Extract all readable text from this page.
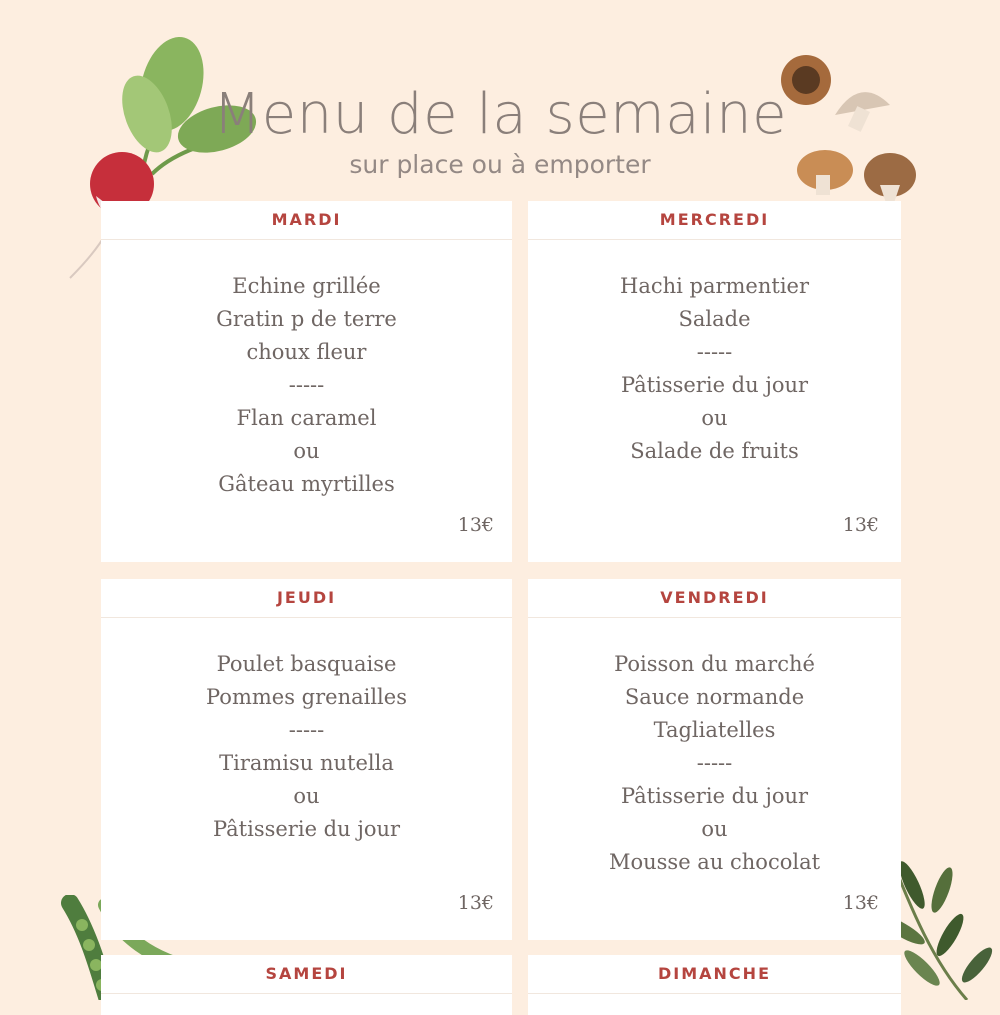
Menu de la semaine
sur place ou à emporter
MARDI
Echine grillée
Gratin p de terre
choux fleur
-----
Flan caramel
ou
Gâteau myrtilles
13€
MERCREDI
Hachi parmentier
Salade
-----
Pâtisserie du jour
ou
Salade de fruits
13€
JEUDI
Poulet basquaise
Pommes grenailles
-----
Tiramisu nutella
ou
Pâtisserie du jour
13€
VENDREDI
Poisson du marché
Sauce normande
Tagliatelles
-----
Pâtisserie du jour
ou
Mousse au chocolat
13€
SAMEDI	DIMANCHE
